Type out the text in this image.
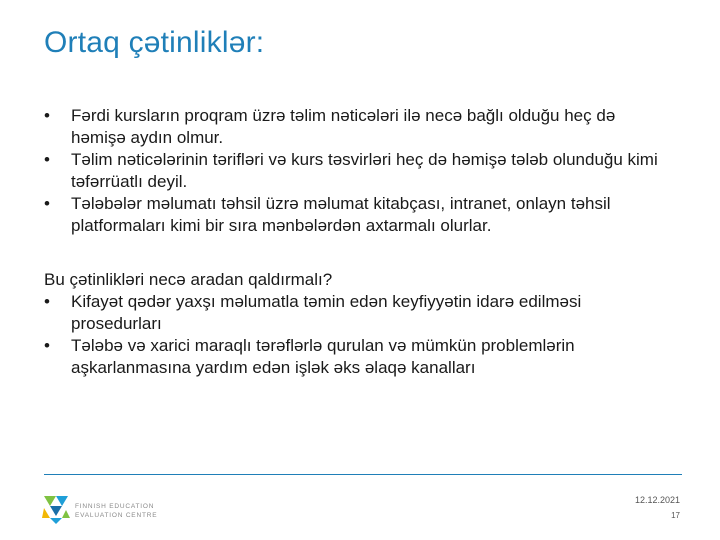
Ortaq çətinliklər:
• Fərdi kursların proqram üzrə təlim nəticələri ilə necə bağlı olduğu heç də həmişə aydın olmur.
• Təlim nəticələrinin tərifləri və kurs təsvirləri heç də həmişə tələb olunduğu kimi təfərrüatlı deyil.
• Tələbələr məlumatı təhsil üzrə məlumat kitabçası, intranet, onlayn təhsil platformaları kimi bir sıra mənbələrdən axtarmalı olurlar.

Bu çətinlikləri necə aradan qaldırmalı?

• Kifayət qədər yaxşı məlumatla təmin edən keyfiyyətin idarə edilməsi prosedurları
• Tələbə və xarici maraqlı tərəflərlə qurulan və mümkün problemlərin aşkarlanmasına yardım edən işlək əks əlaqə kanalları
FINNISH EDUCATION
EVALUATION CENTRE
12.12.2021
17
